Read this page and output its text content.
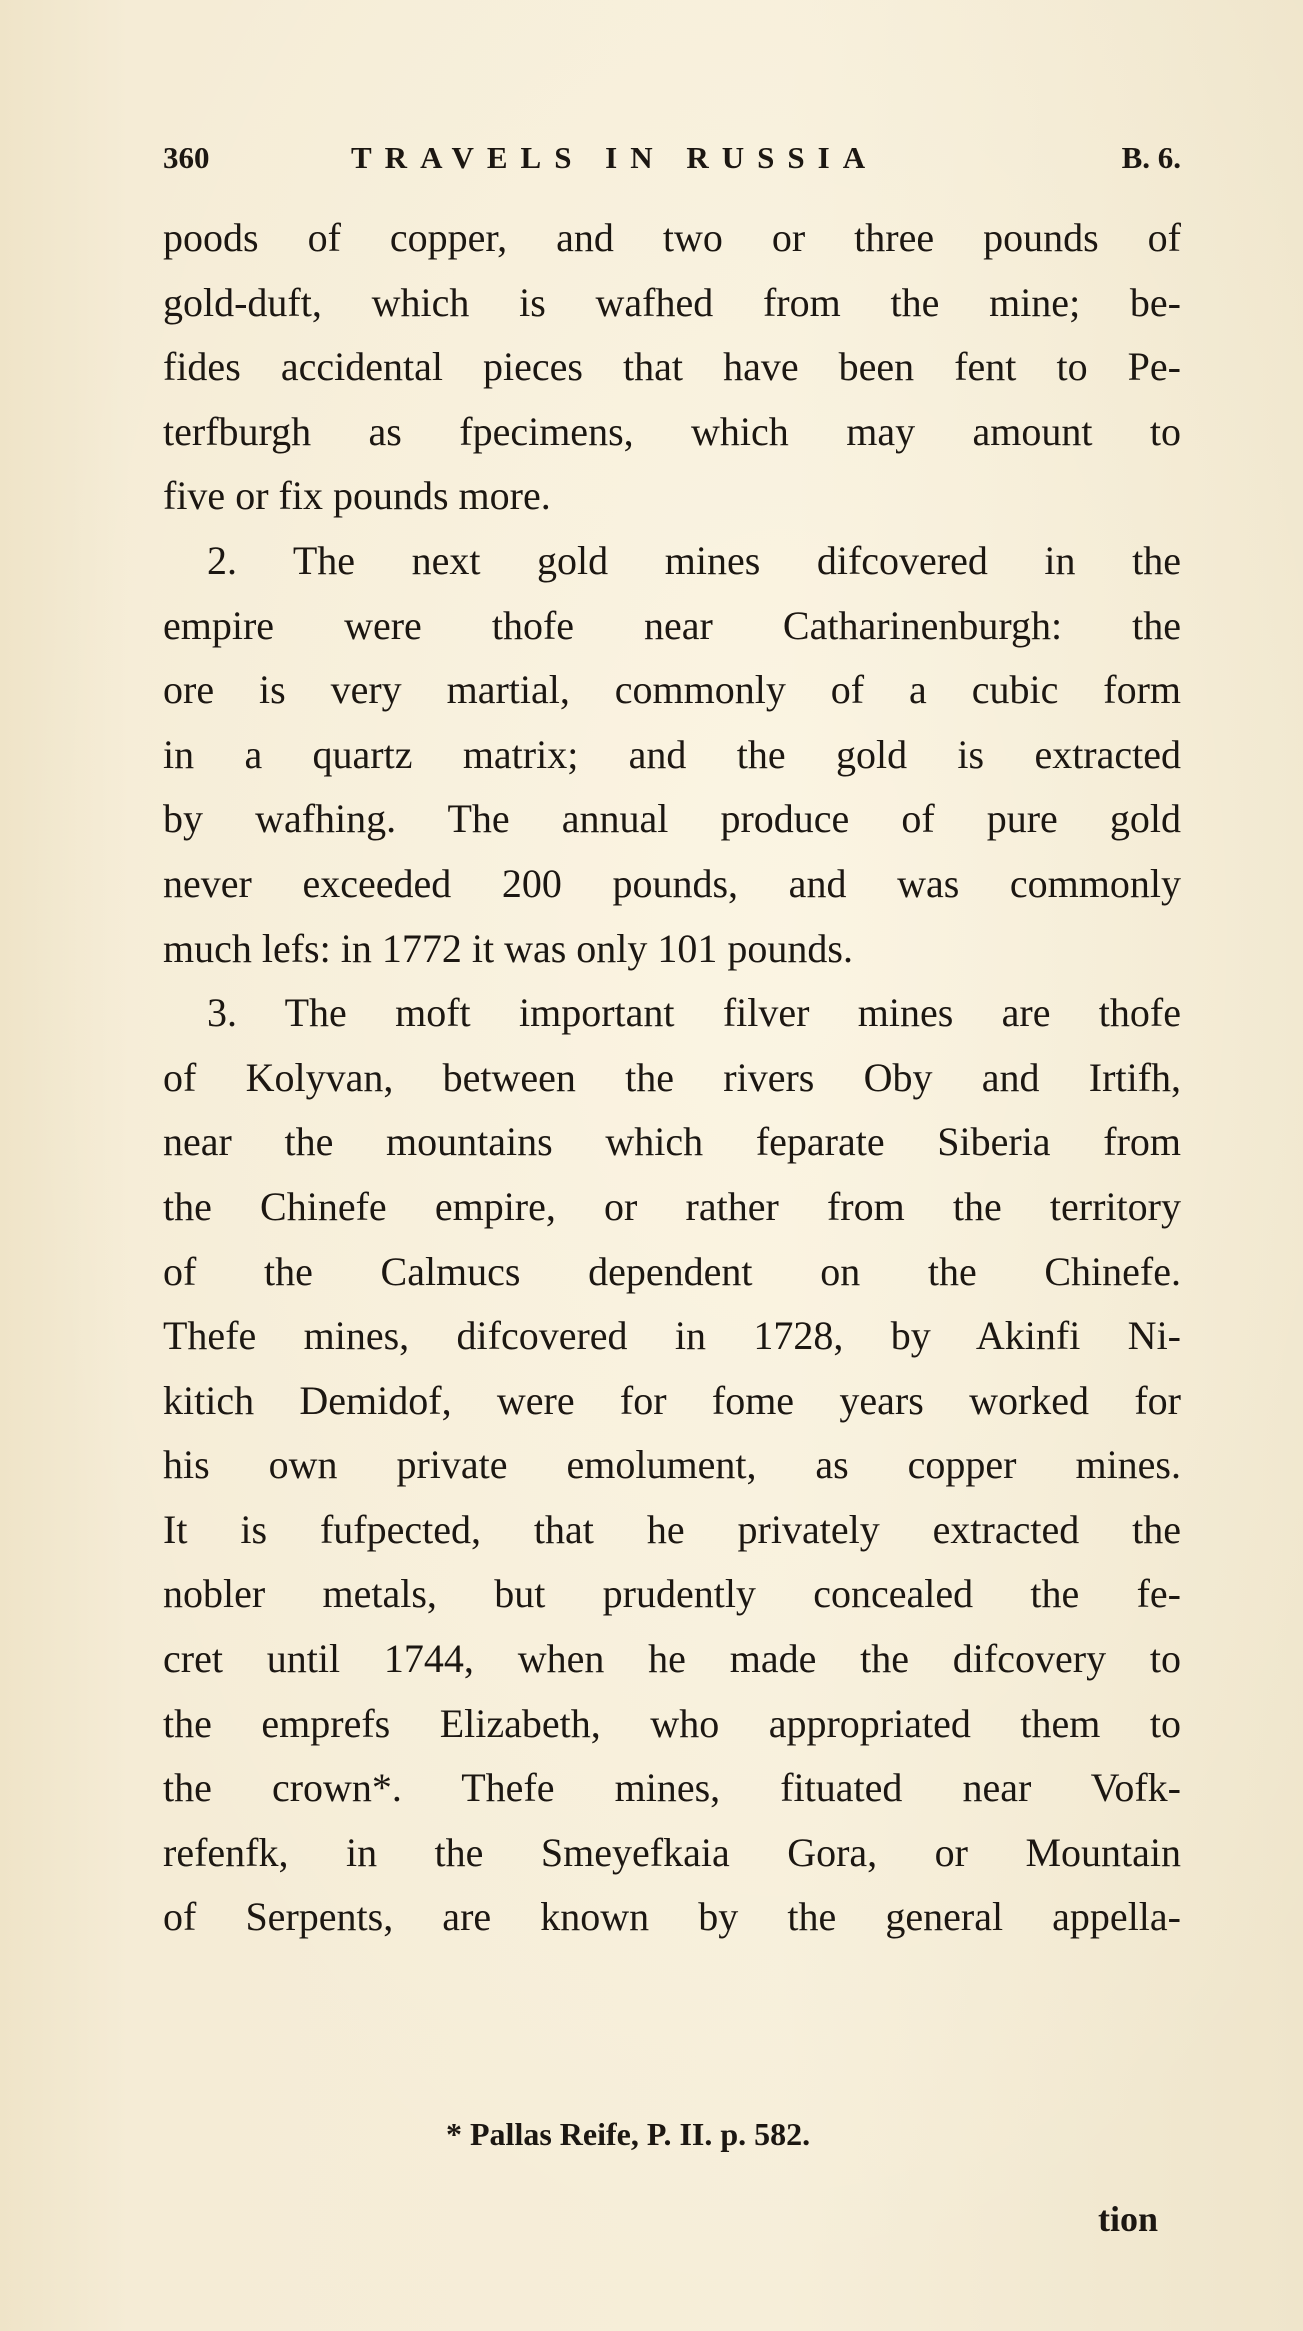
360	TRAVELS IN RUSSIA	B. 6.
poods of copper, and two or three pounds of
gold-duft, which is wafhed from the mine; be-
fides accidental pieces that have been fent to Pe-
terfburgh as fpecimens, which may amount to
five or fix pounds more.
2. The next gold mines difcovered in the
empire were thofe near Catharinenburgh: the
ore is very martial, commonly of a cubic form
in a quartz matrix; and the gold is extracted
by wafhing. The annual produce of pure gold
never exceeded 200 pounds, and was commonly
much lefs: in 1772 it was only 101 pounds.
3. The moft important filver mines are thofe
of Kolyvan, between the rivers Oby and Irtifh,
near the mountains which feparate Siberia from
the Chinefe empire, or rather from the territory
of the Calmucs dependent on the Chinefe.
Thefe mines, difcovered in 1728, by Akinfi Ni-
kitich Demidof, were for fome years worked for
his own private emolument, as copper mines.
It is fufpected, that he privately extracted the
nobler metals, but prudently concealed the fe-
cret until 1744, when he made the difcovery to
the emprefs Elizabeth, who appropriated them to
the crown*. Thefe mines, fituated near Vofk-
refenfk, in the Smeyefkaia Gora, or Mountain
of Serpents, are known by the general appella-
* Pallas Reife, P. II. p. 582.
tion
